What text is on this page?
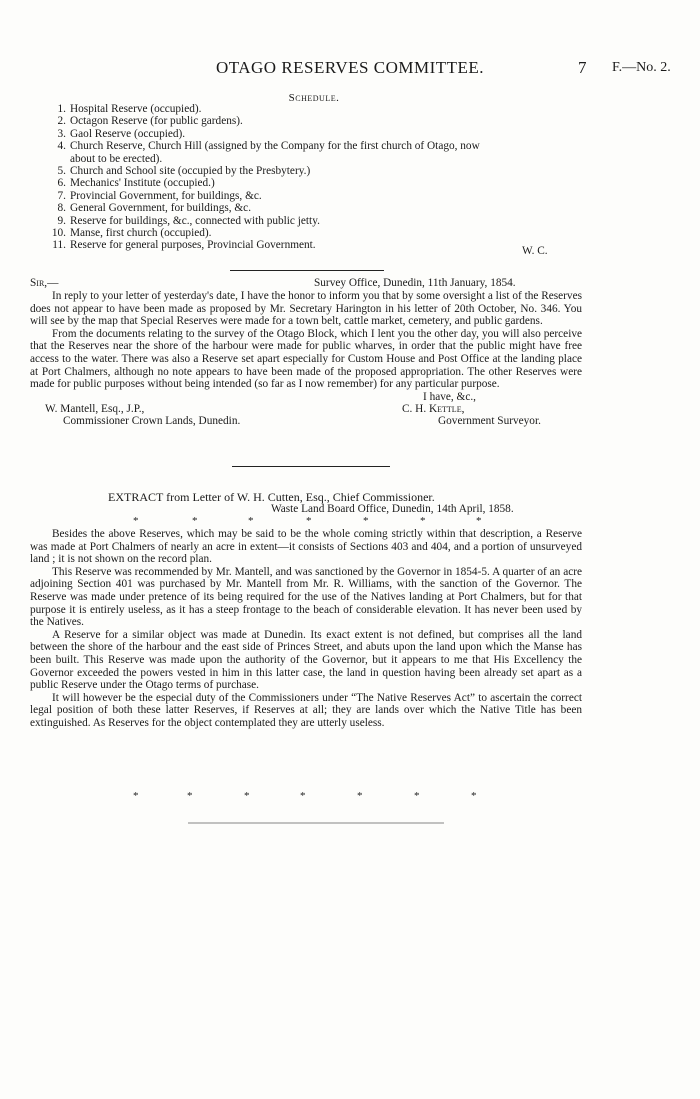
OTAGO RESERVES COMMITTEE.	7 F.—No. 2.
Schedule.
1. Hospital Reserve (occupied).
2. Octagon Reserve (for public gardens).
3. Gaol Reserve (occupied).
4. Church Reserve, Church Hill (assigned by the Company for the first church of Otago, now
about to be erected).
5. Church and School site (occupied by the Presbytery.)
6. Mechanics' Institute (occupied.)
7. Provincial Government, for buildings, &c.
8. General Government, for buildings, &c.
9. Reserve for buildings, &c., connected with public jetty.
10. Manse, first church (occupied).
11. Reserve for general purposes, Provincial Government.	W. C.
Sir,—	Survey Office, Dunedin, 11th January, 1854.
In reply to your letter of yesterday's date, I have the honor to inform you that by some oversight a list of the Reserves does not appear to have been made as proposed by Mr. Secretary Harington in his letter of 20th October, No. 346. You will see by the map that Special Reserves were made for a town belt, cattle market, cemetery, and public gardens.
From the documents relating to the survey of the Otago Block, which I lent you the other day, you will also perceive that the Reserves near the shore of the harbour were made for public wharves, in order that the public might have free access to the water. There was also a Reserve set apart especially for Custom House and Post Office at the landing place at Port Chalmers, although no note appears to have been made of the proposed appropriation. The other Reserves were made for public purposes without being intended (so far as I now remember) for any particular purpose.
I have, &c.,
W. Mantell, Esq., J.P.,	C. H. Kettle,
Commissioner Crown Lands, Dunedin.	Government Surveyor.
EXTRACT from Letter of W. H. Cutten, Esq., Chief Commissioner.
Waste Land Board Office, Dunedin, 14th April, 1858.
*	*	*	*	*	*	*
Besides the above Reserves, which may be said to be the whole coming strictly within that description, a Reserve was made at Port Chalmers of nearly an acre in extent—it consists of Sections 403 and 404, and a portion of unsurveyed land ; it is not shown on the record plan.
This Reserve was recommended by Mr. Mantell, and was sanctioned by the Governor in 1854-5. A quarter of an acre adjoining Section 401 was purchased by Mr. Mantell from Mr. R. Williams, with the sanction of the Governor. The Reserve was made under pretence of its being required for the use of the Natives landing at Port Chalmers, but for that purpose it is entirely useless, as it has a steep frontage to the beach of considerable elevation. It has never been used by the Natives.
A Reserve for a similar object was made at Dunedin. Its exact extent is not defined, but comprises all the land between the shore of the harbour and the east side of Princes Street, and abuts upon the land upon which the Manse has been built. This Reserve was made upon the authority of the Governor, but it appears to me that His Excellency the Governor exceeded the powers vested in him in this latter case, the land in question having been already set apart as a public Reserve under the Otago terms of purchase.
It will however be the especial duty of the Commissioners under “The Native Reserves Act” to ascertain the correct legal position of both these latter Reserves, if Reserves at all; they are lands over which the Native Title has been extinguished. As Reserves for the object contemplated they are utterly useless.
*	*	*	*	*	*	*
